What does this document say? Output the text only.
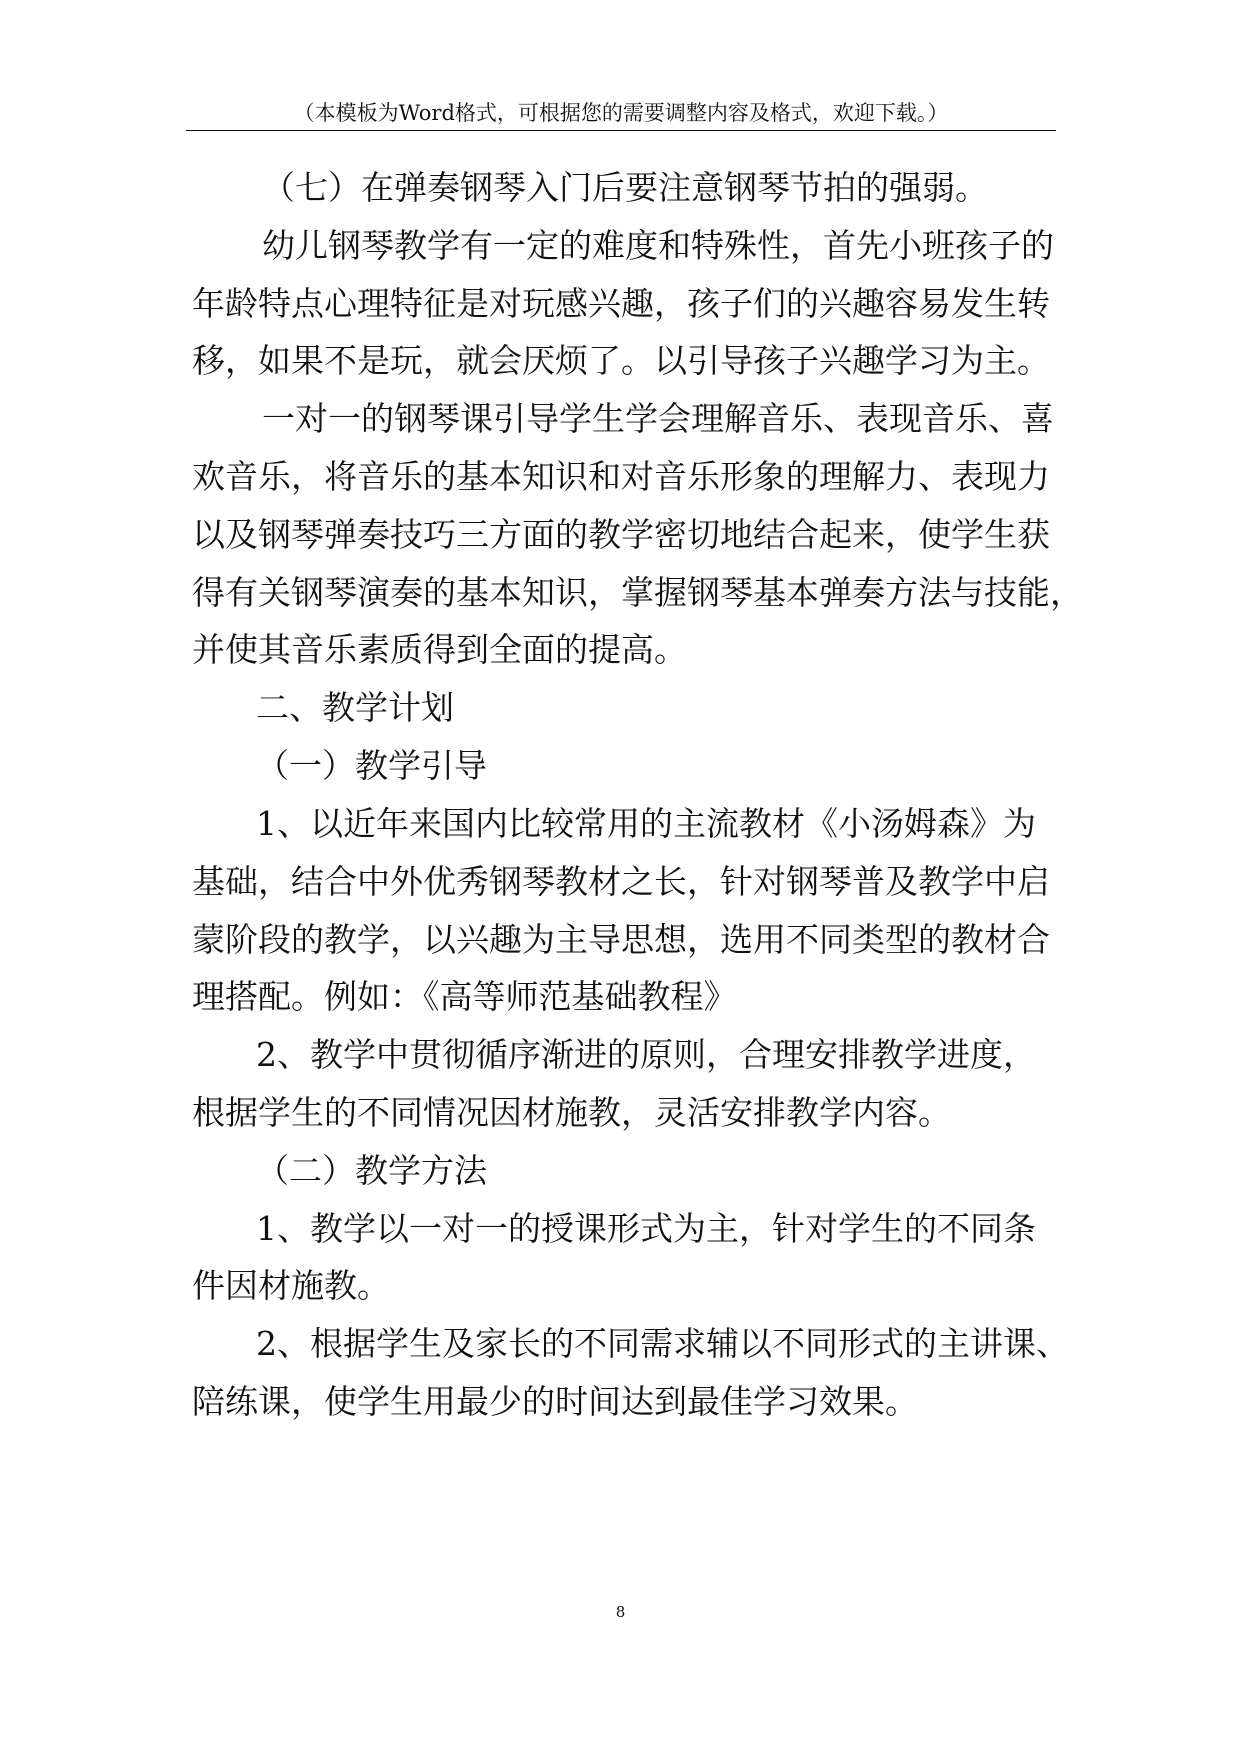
（本模板为Word格式，可根据您的需要调整内容及格式，欢迎下载。）
（七）在弹奏钢琴入门后要注意钢琴节拍的强弱。
幼儿钢琴教学有一定的难度和特殊性，首先小班孩子的
年龄特点心理特征是对玩感兴趣，孩子们的兴趣容易发生转
移，如果不是玩，就会厌烦了。以引导孩子兴趣学习为主。
一对一的钢琴课引导学生学会理解音乐、表现音乐、喜
欢音乐，将音乐的基本知识和对音乐形象的理解力、表现力
以及钢琴弹奏技巧三方面的教学密切地结合起来，使学生获
得有关钢琴演奏的基本知识，掌握钢琴基本弹奏方法与技能，
并使其音乐素质得到全面的提高。
二、教学计划
（一）教学引导
1、以近年来国内比较常用的主流教材《小汤姆森》为
基础，结合中外优秀钢琴教材之长，针对钢琴普及教学中启
蒙阶段的教学，以兴趣为主导思想，选用不同类型的教材合
理搭配。例如：《高等师范基础教程》
2、教学中贯彻循序渐进的原则，合理安排教学进度，
根据学生的不同情况因材施教，灵活安排教学内容。
（二）教学方法
1、教学以一对一的授课形式为主，针对学生的不同条
件因材施教。
2、根据学生及家长的不同需求辅以不同形式的主讲课、
陪练课，使学生用最少的时间达到最佳学习效果。
8
